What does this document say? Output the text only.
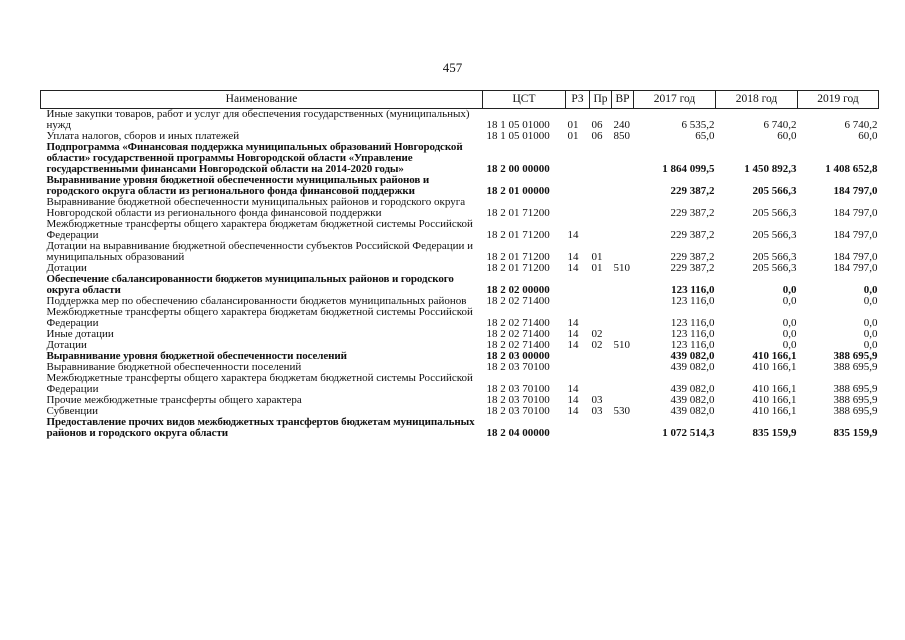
457
Наименование	ЦСТ	РЗ	Пр	ВР	2017 год	2018 год	2019 год
Иные закупки товаров, работ и услуг для обеспечения государственных (муниципальных) нужд	18 1 05 01000	01	06	240	6 535,2	6 740,2	6 740,2
Уплата налогов, сборов и иных платежей	18 1 05 01000	01	06	850	65,0	60,0	60,0
Подпрограмма «Финансовая поддержка муниципальных образований Новгородской области» государственной программы Новгородской области «Управление государственными финансами Новгородской области на 2014-2020 годы»	18 2 00 00000				1 864 099,5	1 450 892,3	1 408 652,8
Выравнивание уровня бюджетной обеспеченности муниципальных районов и городского округа области из регионального фонда финансовой поддержки	18 2 01 00000				229 387,2	205 566,3	184 797,0
Выравнивание бюджетной обеспеченности муниципальных районов и городского округа Новгородской области из регионального фонда финансовой поддержки	18 2 01 71200				229 387,2	205 566,3	184 797,0
Межбюджетные трансферты общего характера бюджетам бюджетной системы Российской Федерации	18 2 01 71200	14			229 387,2	205 566,3	184 797,0
Дотации на выравнивание бюджетной обеспеченности субъектов Российской Федерации и муниципальных образований	18 2 01 71200	14	01		229 387,2	205 566,3	184 797,0
Дотации	18 2 01 71200	14	01	510	229 387,2	205 566,3	184 797,0
Обеспечение сбалансированности бюджетов муниципальных районов и городского округа области	18 2 02 00000				123 116,0	0,0	0,0
Поддержка мер по обеспечению сбалансированности бюджетов муниципальных районов	18 2 02 71400				123 116,0	0,0	0,0
Межбюджетные трансферты общего характера бюджетам бюджетной системы Российской Федерации	18 2 02 71400	14			123 116,0	0,0	0,0
Иные дотации	18 2 02 71400	14	02		123 116,0	0,0	0,0
Дотации	18 2 02 71400	14	02	510	123 116,0	0,0	0,0
Выравнивание уровня бюджетной обеспеченности поселений	18 2 03 00000				439 082,0	410 166,1	388 695,9
Выравнивание бюджетной обеспеченности поселений	18 2 03 70100				439 082,0	410 166,1	388 695,9
Межбюджетные трансферты общего характера бюджетам бюджетной системы Российской Федерации	18 2 03 70100	14			439 082,0	410 166,1	388 695,9
Прочие межбюджетные трансферты общего характера	18 2 03 70100	14	03		439 082,0	410 166,1	388 695,9
Субвенции	18 2 03 70100	14	03	530	439 082,0	410 166,1	388 695,9
Предоставление прочих видов межбюджетных трансфертов бюджетам муниципальных районов и городского округа области	18 2 04 00000				1 072 514,3	835 159,9	835 159,9
